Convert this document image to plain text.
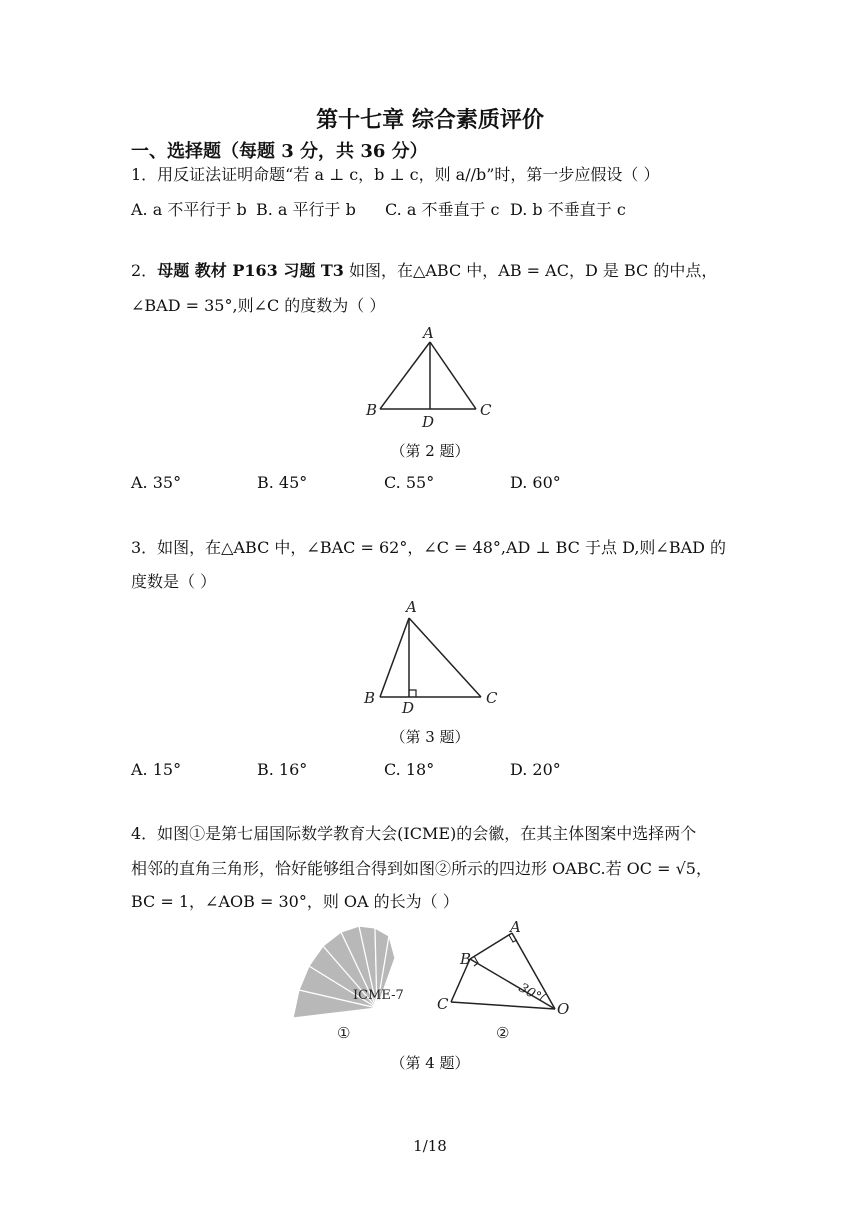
第十七章 综合素质评价
一、选择题（每题 3 分，共 36 分）
1．用反证法证明命题“若 a ⊥ c，b ⊥ c，则 a//b”时，第一步应假设（ ）
A. a 不平行于 b B. a 平行于 b C. a 不垂直于 c D. b 不垂直于 c
2．母题 教材 P163 习题 T3 如图，在△ABC 中，AB = AC，D 是 BC 的中点，
∠BAD = 35°,则∠C 的度数为（ ）
A
B	C
D
（第 2 题）
A. 35°	B. 45°	C. 55°	D. 60°
3．如图，在△ABC 中，∠BAC = 62°，∠C = 48°,AD ⊥ BC 于点 D,则∠BAD 的
度数是（ ）
A
B	C
D
（第 3 题）
A. 15°	B. 16°	C. 18°	D. 20°
4．如图①是第七届国际数学教育大会(ICME)的会徽，在其主体图案中选择两个
相邻的直角三角形，恰好能够组合得到如图②所示的四边形 OABC.若 OC = √5，
BC = 1，∠AOB = 30°，则 OA 的长为（ ）
ICME-7
①
30°
A
B
C	O
②
（第 4 题）
1/18
